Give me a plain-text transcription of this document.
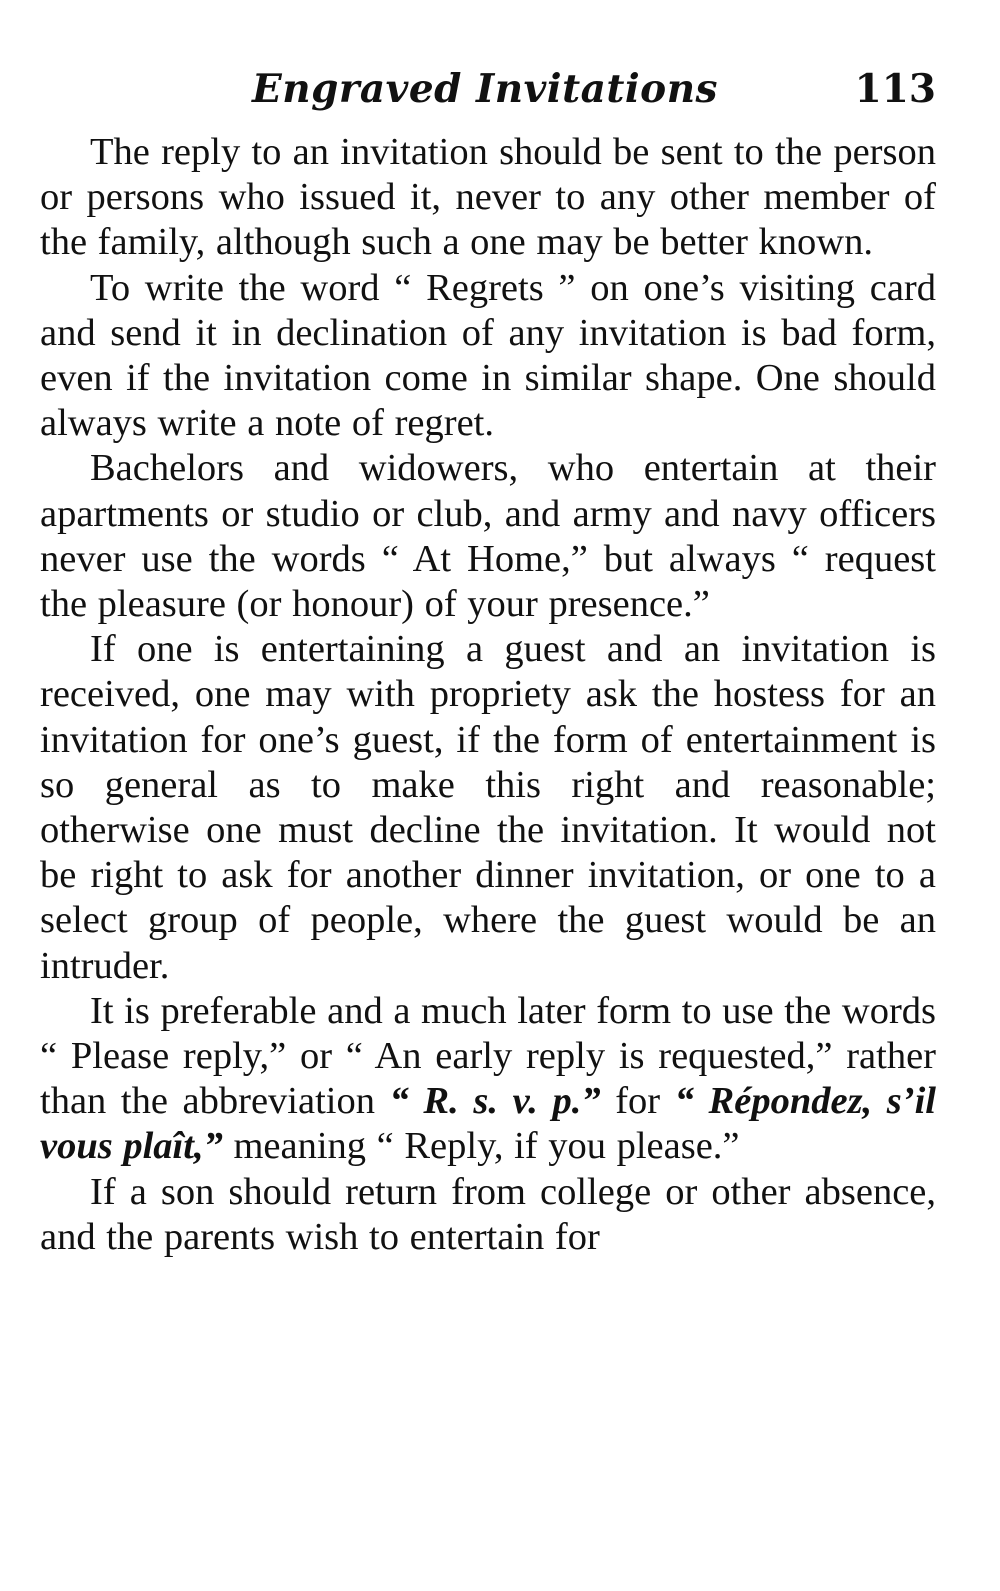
Engraved Invitations	113

The reply to an invitation should be sent to the person or persons who issued it, never to any other member of the family, although such a one may be better known.

To write the word “ Regrets ” on one’s visiting card and send it in declination of any invitation is bad form, even if the invitation come in similar shape. One should always write a note of regret.

Bachelors and widowers, who entertain at their apartments or studio or club, and army and navy officers never use the words “ At Home,” but always “ request the pleasure (or honour) of your presence.”

If one is entertaining a guest and an invitation is received, one may with propriety ask the hostess for an invitation for one’s guest, if the form of entertainment is so general as to make this right and reasonable; otherwise one must decline the invitation. It would not be right to ask for another dinner invitation, or one to a select group of people, where the guest would be an intruder.

It is preferable and a much later form to use the words “ Please reply,” or “ An early reply is requested,” rather than the abbreviation “ R. s. v. p.” for “ Répondez, s’il vous plaît,” meaning “ Reply, if you please.”

If a son should return from college or other absence, and the parents wish to entertain for
